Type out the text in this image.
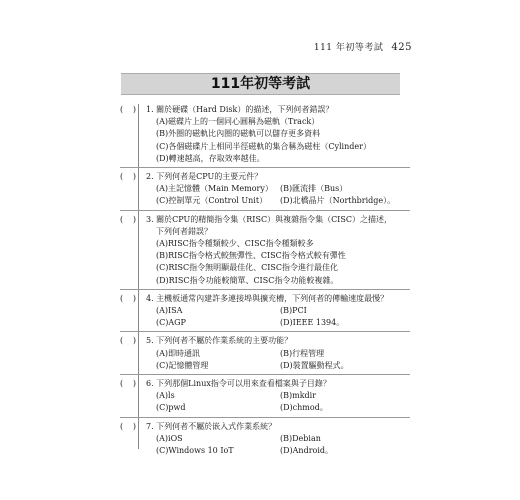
111 年初等考試 425
111年初等考試
( ) 1. 關於硬碟（Hard Disk）的描述，下列何者錯誤？
(A)磁碟片上的一個同心圓稱為磁軌（Track）
(B)外圈的磁軌比內圈的磁軌可以儲存更多資料
(C)各個磁碟片上相同半徑磁軌的集合稱為磁柱（Cylinder）
(D)轉速越高，存取效率越佳。
( ) 2. 下列何者是CPU的主要元件？
(A)主記憶體（Main Memory） (B)匯流排（Bus）
(C)控制單元（Control Unit）	(D)北橋晶片（Northbridge）。
( ) 3. 關於CPU的精簡指令集（RISC）與複雜指令集（CISC）之描述，
下列何者錯誤？
(A)RISC指令種類較少、CISC指令種類較多
(B)RISC指令格式較無彈性、CISC指令格式較有彈性
(C)RISC指令無明顯最佳化、CISC指令進行最佳化
(D)RISC指令功能較簡單、CISC指令功能較複雜。
( ) 4. 主機板通常內建許多連接埠與擴充槽，下列何者的傳輸速度最慢？
(A)ISA	(B)PCI
(C)AGP	(D)IEEE 1394。
( ) 5. 下列何者不屬於作業系統的主要功能？
(A)即時通訊	(B)行程管理
(C)記憶體管理	(D)裝置驅動程式。
( ) 6. 下列那個Linux指令可以用來查看檔案與子目錄？
(A)ls	(B)mkdir
(C)pwd	(D)chmod。
( ) 7. 下列何者不屬於嵌入式作業系統？
(A)iOS	(B)Debian
(C)Windows 10 IoT	(D)Android。
